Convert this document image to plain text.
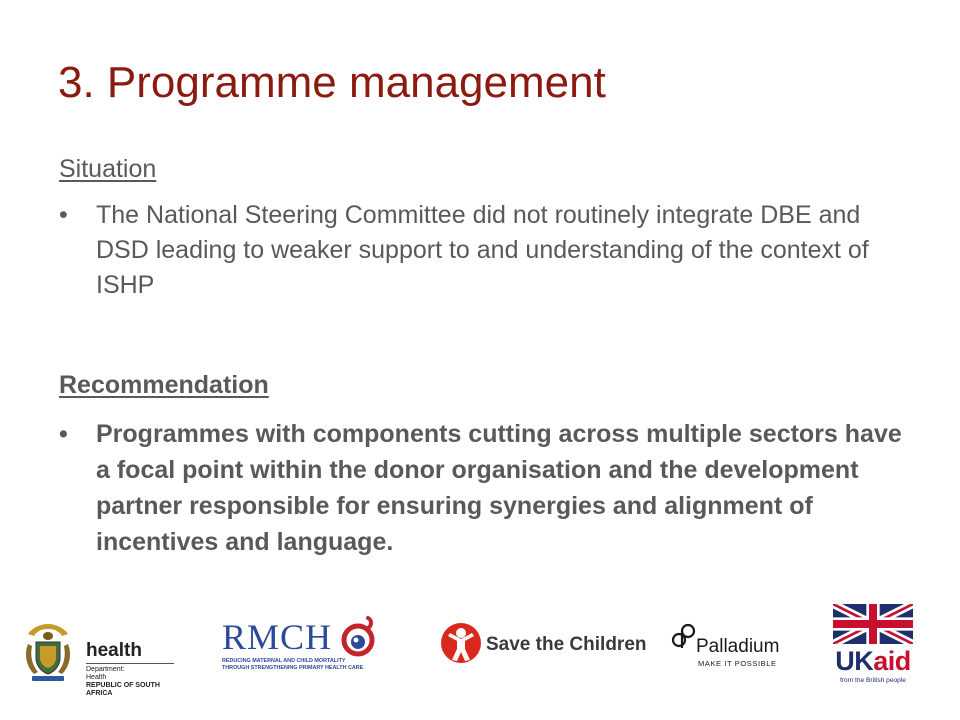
3. Programme management
Situation
• The National Steering Committee did not routinely integrate DBE and DSD leading to weaker support to and understanding of the context of ISHP
Recommendation
• Programmes with components cutting across multiple sectors have a focal point within the donor organisation and the development partner responsible for ensuring synergies and alignment of incentives and language.
health
Department:
Health
REPUBLIC OF SOUTH AFRICA
RMCH
REDUCING MATERNAL AND CHILD MORTALITY
THROUGH STRENGTHENING PRIMARY HEALTH CARE
Save the Children	Palladium
MAKE IT POSSIBLE UKaid
from the British people
